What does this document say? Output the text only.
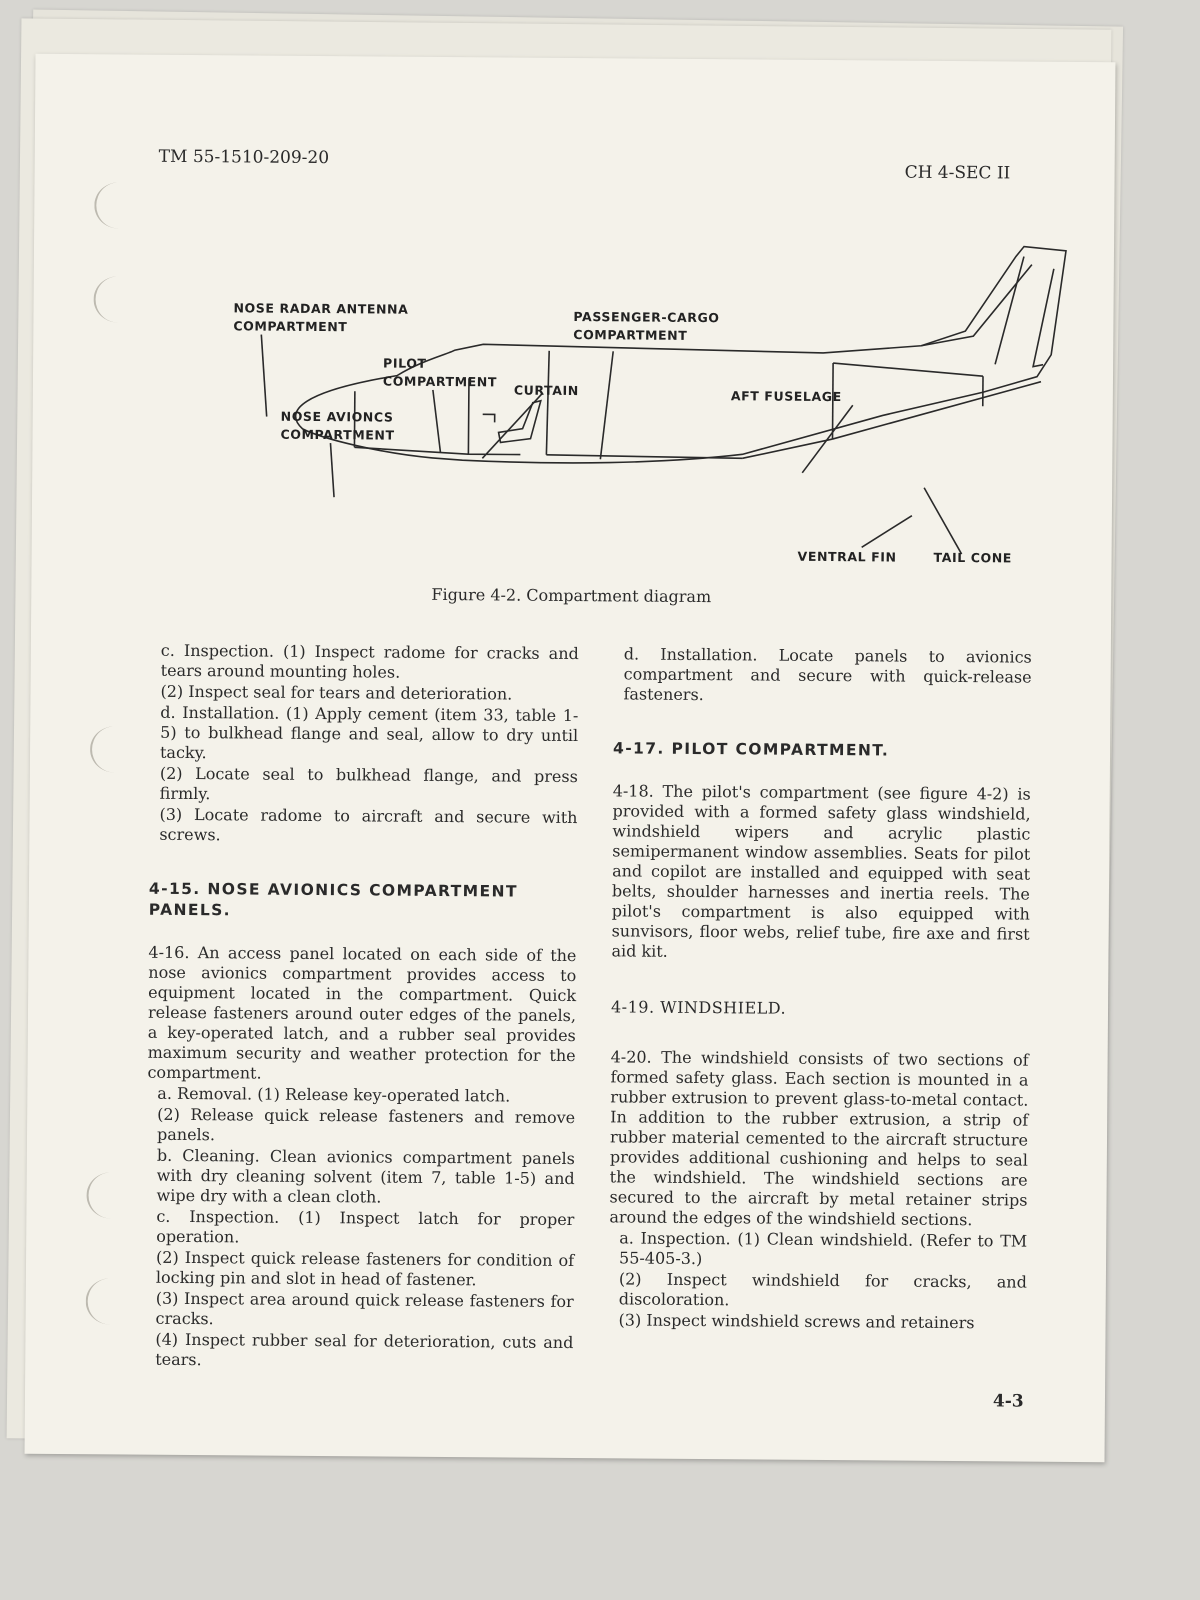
TM 55-1510-209-20
CH 4-SEC II
NOSE RADAR ANTENNA
COMPARTMENT
PILOT
COMPARTMENT
NOSE AVIONCS
COMPARTMENT
PASSENGER-CARGO
COMPARTMENT
CURTAIN	AFT FUSELAGE
VENTRAL FIN	TAIL CONE
Figure 4-2. Compartment diagram

c. Inspection. (1) Inspect radome for cracks and tears around mounting holes.

(2) Inspect seal for tears and deterioration.

d. Installation. (1) Apply cement (item 33, table 1-5) to bulkhead flange and seal, allow to dry until tacky.

(2) Locate seal to bulkhead flange, and press firmly.

(3) Locate radome to aircraft and secure with screws.

4-15. NOSE AVIONICS COMPARTMENT PANELS.

4-16. An access panel located on each side of the nose avionics compartment provides access to equipment located in the compartment. Quick release fasteners around outer edges of the panels, a key-operated latch, and a rubber seal provides maximum security and weather protection for the compartment.

a. Removal. (1) Release key-operated latch.

(2) Release quick release fasteners and remove panels.

b. Cleaning. Clean avionics compartment panels with dry cleaning solvent (item 7, table 1-5) and wipe dry with a clean cloth.

c. Inspection. (1) Inspect latch for proper operation.

(2) Inspect quick release fasteners for condition of locking pin and slot in head of fastener.

(3) Inspect area around quick release fasteners for cracks.

(4) Inspect rubber seal for deterioration, cuts and tears.

d. Installation. Locate panels to avionics compartment and secure with quick-release fasteners.

4-17. PILOT COMPARTMENT.

4-18. The pilot's compartment (see figure 4-2) is provided with a formed safety glass windshield, windshield wipers and acrylic plastic semipermanent window assemblies. Seats for pilot and copilot are installed and equipped with seat belts, shoulder harnesses and inertia reels. The pilot's compartment is also equipped with sunvisors, floor webs, relief tube, fire axe and first aid kit.

4-19. WINDSHIELD.

4-20. The windshield consists of two sections of formed safety glass. Each section is mounted in a rubber extrusion to prevent glass-to-metal contact. In addition to the rubber extrusion, a strip of rubber material cemented to the aircraft structure provides additional cushioning and helps to seal the windshield. The windshield sections are secured to the aircraft by metal retainer strips around the edges of the windshield sections.

a. Inspection. (1) Clean windshield. (Refer to TM 55-405-3.)

(2) Inspect windshield for cracks, and discoloration.

(3) Inspect windshield screws and retainers

4-3
